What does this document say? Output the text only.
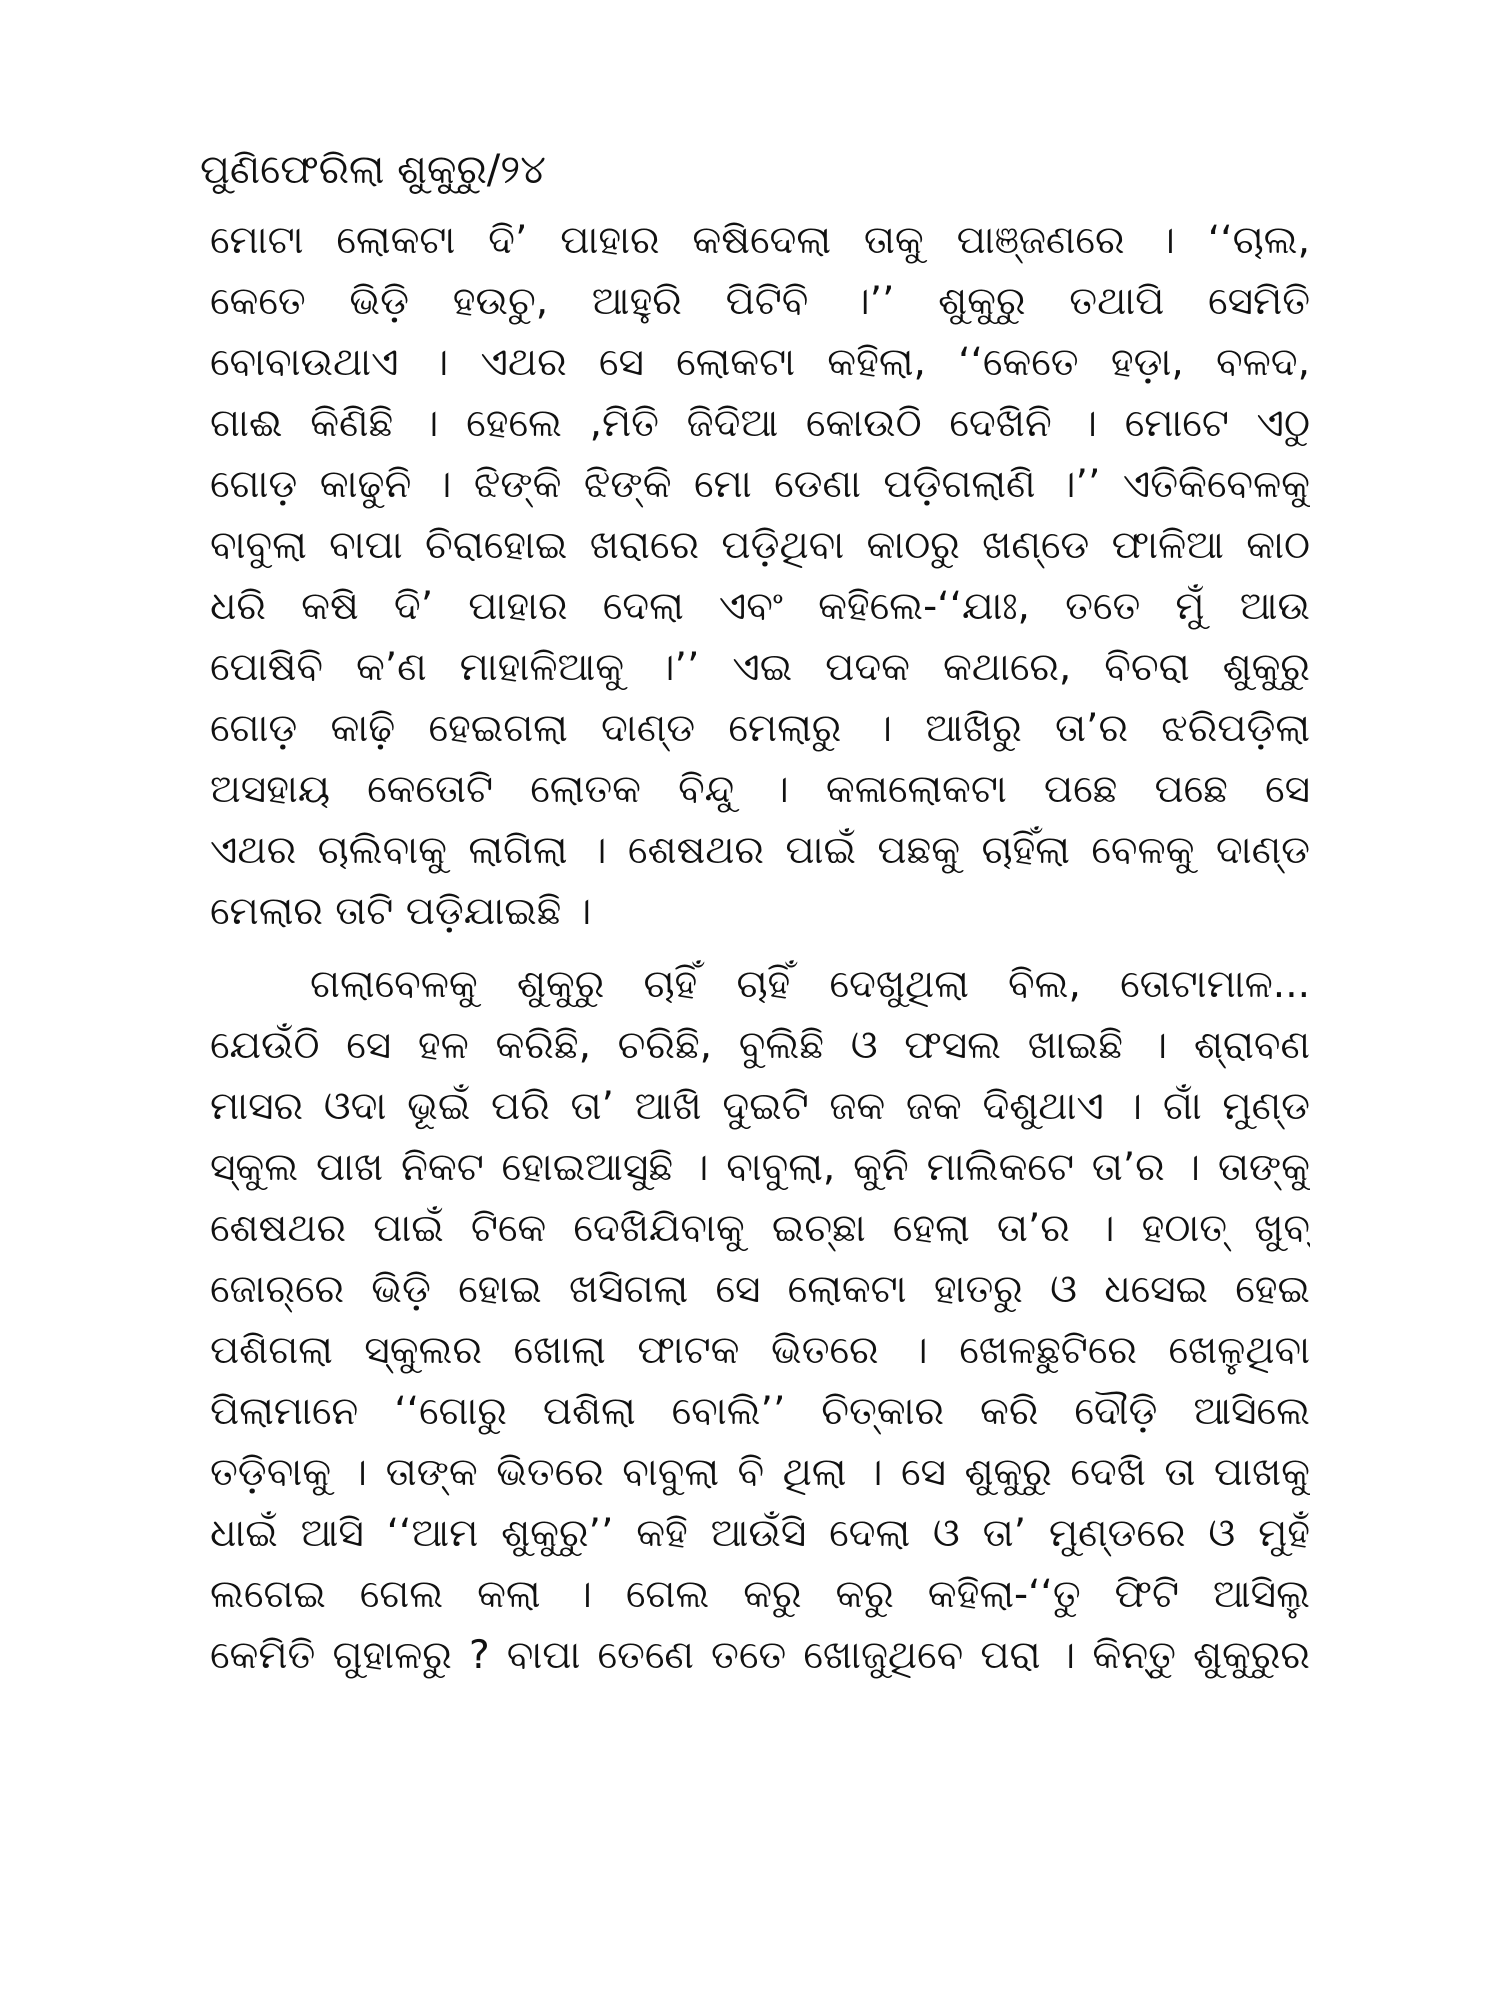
ପୁଣିଫେରିଲା ଶୁକୁରୁ/୨୪
ମୋଟା ଲୋକଟା ଦି’ ପାହାର କଷିଦେଲା ତାକୁ ପାଞ୍ଜଣରେ । ‘‘ଚାଲ,
କେତେ ଭିଡ଼ି ହଉଚୁ, ଆହୁରି ପିଟିବି ।’’ ଶୁକୁରୁ ତଥାପି ସେମିତି
ବୋବାଉଥାଏ । ଏଥର ସେ ଲୋକଟା କହିଲା, ‘‘କେତେ ହଡ଼ା, ବଳଦ,
ଗାଈ କିଣିଛି । ହେଲେ ,ମିତି ଜିଦିଆ କୋଉଠି ଦେଖିନି । ମୋଟେ ଏଠୁ
ଗୋଡ଼ କାଢୁନି । ଝିଙ୍କି ଝିଙ୍କି ମୋ ଡେଣା ପଡ଼ିଗଲାଣି ।’’ ଏତିକିବେଳକୁ
ବାବୁଲା ବାପା ଚିରାହୋଇ ଖରାରେ ପଡ଼ିଥିବା କାଠରୁ ଖଣ୍ଡେ ଫାଳିଆ କାଠ
ଧରି କଷି ଦି’ ପାହାର ଦେଲା ଏବଂ କହିଲେ-‘‘ଯାଃ, ତତେ ମୁଁ ଆଉ
ପୋଷିବି କ’ଣ ମାହାଳିଆକୁ ।’’ ଏଇ ପଦକ କଥାରେ, ବିଚରା ଶୁକୁରୁ
ଗୋଡ଼ କାଢ଼ି ହେଇଗଲା ଦାଣ୍ଡ ମେଲାରୁ । ଆଖିରୁ ତା’ର ଝରିପଡ଼ିଲା
ଅସହାୟ କେତୋଟି ଲୋତକ ବିନ୍ଦୁ । କଳାଲୋକଟା ପଛେ ପଛେ ସେ
ଏଥର ଚାଲିବାକୁ ଲାଗିଲା । ଶେଷଥର ପାଇଁ ପଛକୁ ଚାହିଁଲା ବେଳକୁ ଦାଣ୍ଡ
ମେଲାର ତାଟି ପଡ଼ିଯାଇଛି ।
ଗଲାବେଳକୁ ଶୁକୁରୁ ଚାହିଁ ଚାହିଁ ଦେଖୁଥିଲା ବିଲ, ତୋଟାମାଳ...
ଯେଉଁଠି ସେ ହଳ କରିଛି, ଚରିଛି, ବୁଲିଛି ଓ ଫସଲ ଖାଇଛି । ଶ୍ରାବଣ
ମାସର ଓଦା ଭୂଇଁ ପରି ତା’ ଆଖି ଦୁଇଟି ଜକ ଜକ ଦିଶୁଥାଏ । ଗାଁ ମୁଣ୍ଡ
ସ୍କୁଲ ପାଖ ନିକଟ ହୋଇଆସୁଛି । ବାବୁଲା, କୁନି ମାଲିକଟେ ତା’ର । ତାଙ୍କୁ
ଶେଷଥର ପାଇଁ ଟିକେ ଦେଖିଯିବାକୁ ଇଚ୍ଛା ହେଲା ତା’ର । ହଠାତ୍ ଖୁବ୍
ଜୋର୍‌ରେ ଭିଡ଼ି ହୋଇ ଖସିଗଲା ସେ ଲୋକଟା ହାତରୁ ଓ ଧସେଇ ହେଇ
ପଶିଗଲା ସ୍କୁଲର ଖୋଲା ଫାଟକ ଭିତରେ । ଖେଳଛୁଟିରେ ଖେଳୁଥିବା
ପିଲାମାନେ ‘‘ଗୋରୁ ପଶିଲା ବୋଲି’’ ଚିତ୍କାର କରି ଦୌଡ଼ି ଆସିଲେ
ତଡ଼ିବାକୁ । ତାଙ୍କ ଭିତରେ ବାବୁଲା ବି ଥିଲା । ସେ ଶୁକୁରୁ ଦେଖି ତା ପାଖକୁ
ଧାଇଁ ଆସି ‘‘ଆମ ଶୁକୁରୁ’’ କହି ଆଉଁସି ଦେଲା ଓ ତା’ ମୁଣ୍ଡରେ ଓ ମୁହଁ
ଲଗେଇ ଗେଲ କଲା । ଗେଲ କରୁ କରୁ କହିଲା-‘‘ତୁ ଫିଟି ଆସିଲୁ
କେମିତି ଗୁହାଳରୁ ? ବାପା ତେଣେ ତତେ ଖୋଜୁଥିବେ ପରା । କିନ୍ତୁ ଶୁକୁରୁର
